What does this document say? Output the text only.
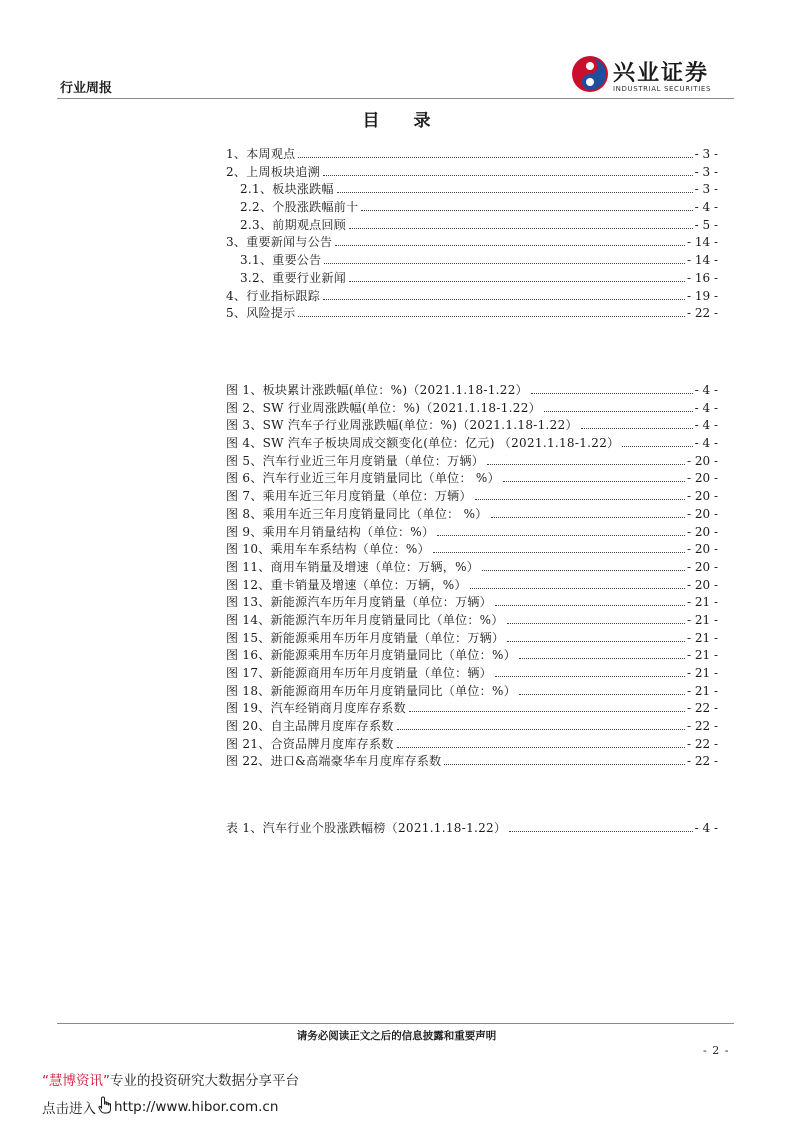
行业周报
兴业证券
INDUSTRIAL SECURITIES
目 录
1、本周观点	- 3 -
2、上周板块追溯	- 3 -
2.1、板块涨跌幅	- 3 -
2.2、个股涨跌幅前十	- 4 -
2.3、前期观点回顾	- 5 -
3、重要新闻与公告	- 14 -
3.1、重要公告	- 14 -
3.2、重要行业新闻	- 16 -
4、行业指标跟踪	- 19 -
5、风险提示	- 22 -
图 1、板块累计涨跌幅(单位：%)（2021.1.18-1.22）	- 4 -
图 2、SW 行业周涨跌幅(单位：%)（2021.1.18-1.22）	- 4 -
图 3、SW 汽车子行业周涨跌幅(单位：%)（2021.1.18-1.22）	- 4 -
图 4、SW 汽车子板块周成交额变化(单位：亿元) （2021.1.18-1.22）	- 4 -
图 5、汽车行业近三年月度销量（单位：万辆）	- 20 -
图 6、汽车行业近三年月度销量同比（单位： %）	- 20 -
图 7、乘用车近三年月度销量（单位：万辆）	- 20 -
图 8、乘用车近三年月度销量同比（单位： %）	- 20 -
图 9、乘用车月销量结构（单位：%）	- 20 -
图 10、乘用车车系结构（单位：%）	- 20 -
图 11、商用车销量及增速（单位：万辆，%）	- 20 -
图 12、重卡销量及增速（单位：万辆，%）	- 20 -
图 13、新能源汽车历年月度销量（单位：万辆）	- 21 -
图 14、新能源汽车历年月度销量同比（单位：%）	- 21 -
图 15、新能源乘用车历年月度销量（单位：万辆）	- 21 -
图 16、新能源乘用车历年月度销量同比（单位：%）	- 21 -
图 17、新能源商用车历年月度销量（单位：辆）	- 21 -
图 18、新能源商用车历年月度销量同比（单位：%）	- 21 -
图 19、汽车经销商月度库存系数	- 22 -
图 20、自主品牌月度库存系数	- 22 -
图 21、合资品牌月度库存系数	- 22 -
图 22、进口&高端豪华车月度库存系数	- 22 -
表 1、汽车行业个股涨跌幅榜（2021.1.18-1.22）	- 4 -
请务必阅读正文之后的信息披露和重要声明
- 2 -
“慧博资讯”专业的投资研究大数据分享平台
点击进入 http://www.hibor.com.cn
